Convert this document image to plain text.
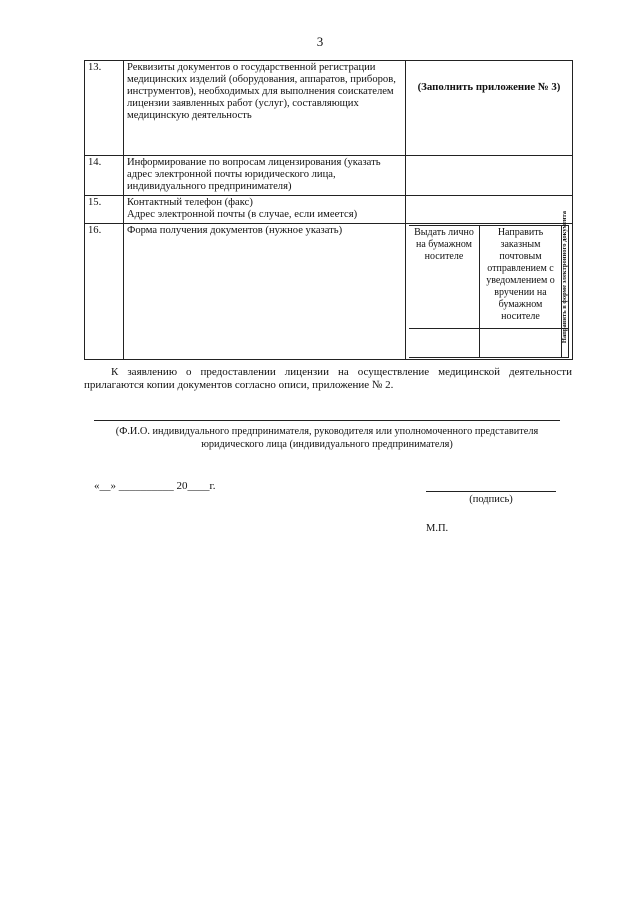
3
13.	Реквизиты документов о государственной регистрации медицинских изделий (оборудования, аппаратов, приборов, инструментов), необходимых для выполнения соискателем лицензии заявленных работ (услуг), составляющих медицинскую деятельность	
(Заполнить приложение № 3)

14.	Информирование по вопросам лицензирования (указать адрес электронной почты юридического лица, индивидуального предпринимателя)

15.	Контактный телефон (факс)
Адрес электронной почты (в случае, если имеется)

16.	Форма получения документов (нужное указать)		Выдать лично на бумажном носителе	Направить заказным почтовым отправлением с уведомлением о вручении на бумажном носителе	Направить в форме электронного документа

К заявлению о предоставлении лицензии на осуществление медицинской деятельности прилагаются копии документов согласно описи, приложение № 2.
(Ф.И.О. индивидуального предпринимателя, руководителя или уполномоченного представителя юридического лица (индивидуального предпринимателя)
«__» __________ 20____г.
(подпись)
М.П.
